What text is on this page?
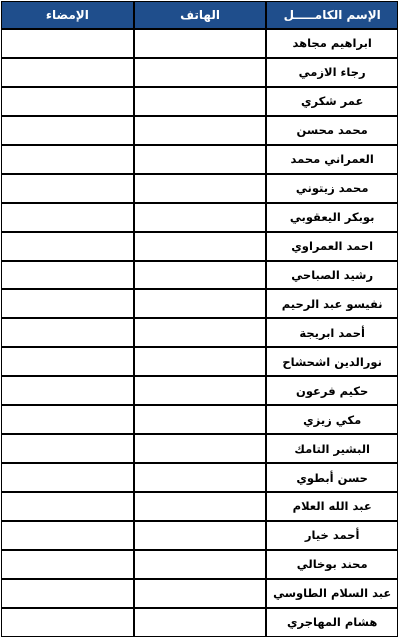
الإسم الكامـــــل	الهاتف	الإمضاء
ابراهيم مجاهد		
رجاء الازمي		
عمر شكري		
محمد محسن		
العمراني محمد		
محمد زيتوني		
بوبكر اليعقوبي		
احمد العمراوي		
رشيد الصباحي		
نفيسو عبد الرحيم		
أحمد ابريجة		
نورالدين اشحشاح		
حكيم فرعون		
مكي زيزي		
البشير التامك		
حسن أبطوي		
عبد الله العلام		
أحمد خيار		
محند بوخالي		
عبد السلام الطاوسي		
هشام المهاجري		
